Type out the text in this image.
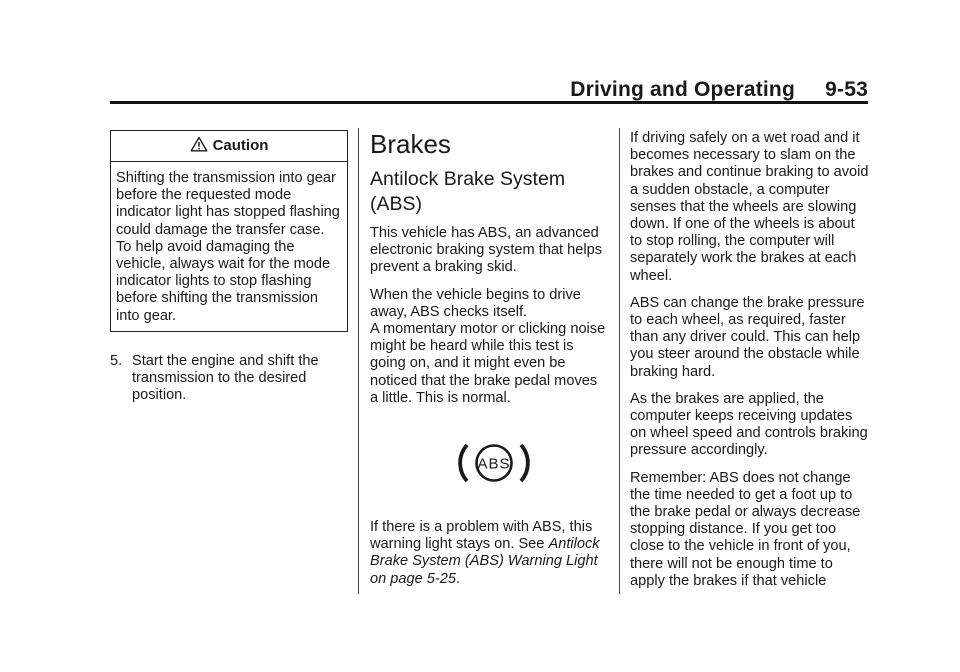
Driving and Operating     9-53
Caution

Shifting the transmission into gear before the requested mode indicator light has stopped flashing could damage the transfer case. To help avoid damaging the vehicle, always wait for the mode indicator lights to stop flashing before shifting the transmission into gear.

5. Start the engine and shift the transmission to the desired position.
Brakes
Antilock Brake System (ABS)

This vehicle has ABS, an advanced electronic braking system that helps prevent a braking skid.

When the vehicle begins to drive away, ABS checks itself.

A momentary motor or clicking noise might be heard while this test is going on, and it might even be noticed that the brake pedal moves a little. This is normal.

ABS

If there is a problem with ABS, this warning light stays on. See Antilock Brake System (ABS) Warning Light on page 5-25.

If driving safely on a wet road and it becomes necessary to slam on the brakes and continue braking to avoid a sudden obstacle, a computer senses that the wheels are slowing down. If one of the wheels is about to stop rolling, the computer will separately work the brakes at each wheel.

ABS can change the brake pressure to each wheel, as required, faster than any driver could. This can help you steer around the obstacle while braking hard.

As the brakes are applied, the computer keeps receiving updates on wheel speed and controls braking pressure accordingly.

Remember: ABS does not change the time needed to get a foot up to the brake pedal or always decrease stopping distance. If you get too close to the vehicle in front of you, there will not be enough time to apply the brakes if that vehicle
